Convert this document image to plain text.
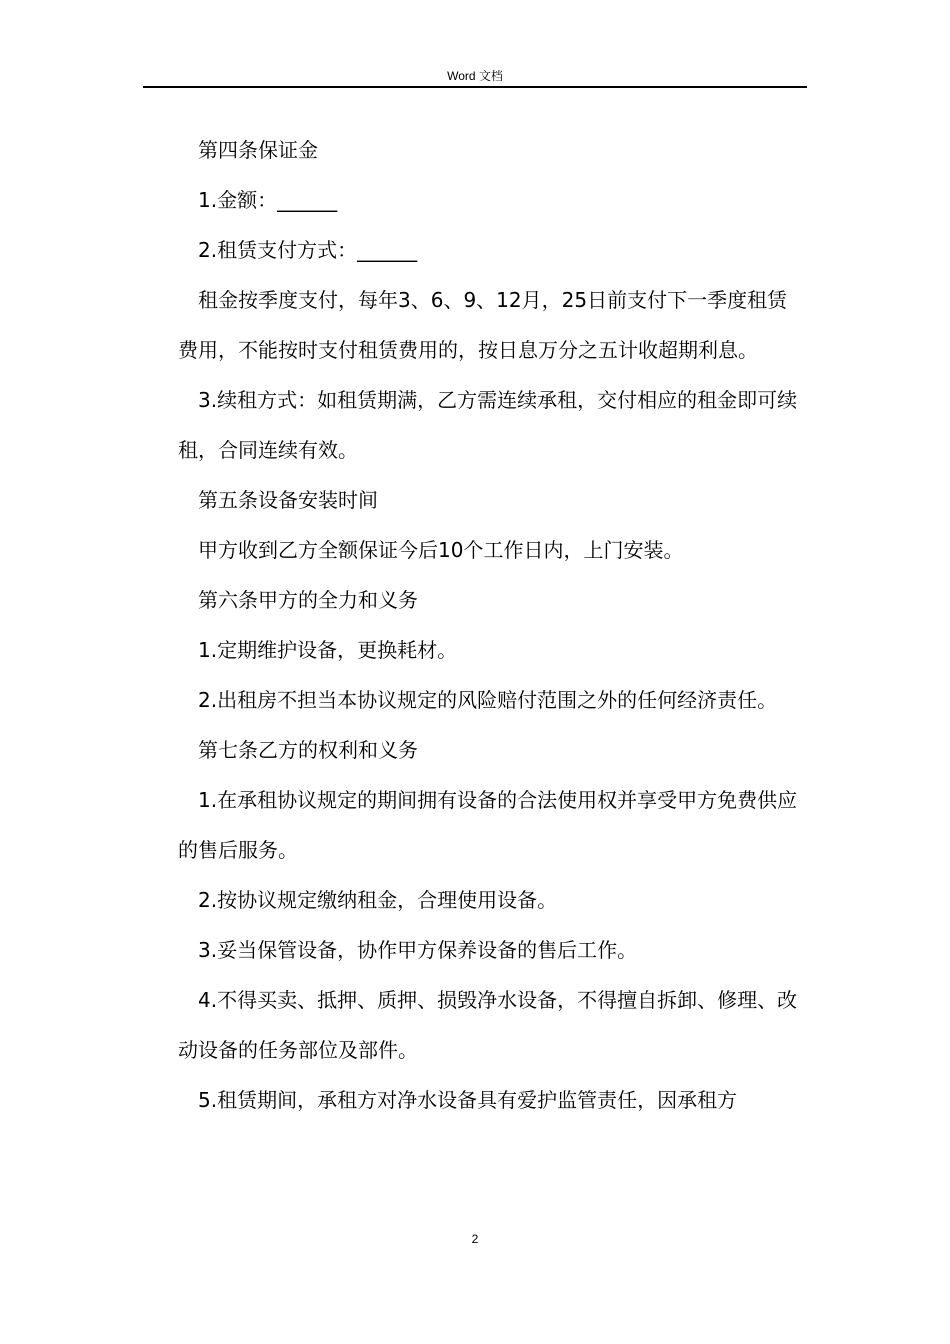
Word 文档

第四条保证金

1.金额：______

2.租赁支付方式：______

租金按季度支付，每年3、6、9、12月，25日前支付下一季度租赁费用，不能按时支付租赁费用的，按日息万分之五计收超期利息。

3.续租方式：如租赁期满，乙方需连续承租，交付相应的租金即可续租，合同连续有效。

第五条设备安装时间

甲方收到乙方全额保证今后10个工作日内，上门安装。

第六条甲方的全力和义务

1.定期维护设备，更换耗材。

2.出租房不担当本协议规定的风险赔付范围之外的任何经济责任。

第七条乙方的权利和义务

1.在承租协议规定的期间拥有设备的合法使用权并享受甲方免费供应的售后服务。

2.按协议规定缴纳租金，合理使用设备。

3.妥当保管设备，协作甲方保养设备的售后工作。

4.不得买卖、抵押、质押、损毁净水设备，不得擅自拆卸、修理、改动设备的任务部位及部件。

5.租赁期间，承租方对净水设备具有爱护监管责任，因承租方

2
